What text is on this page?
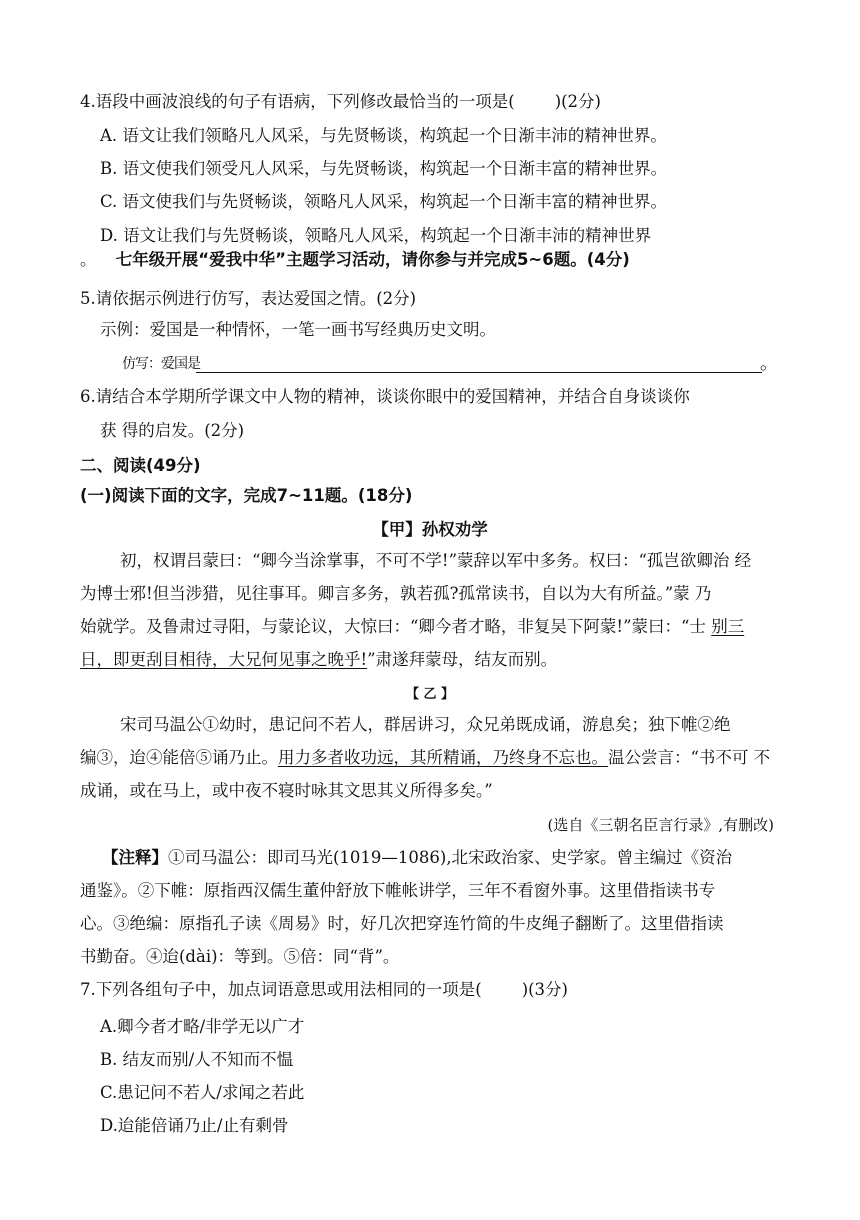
4.语段中画波浪线的句子有语病，下列修改最恰当的一项是( )(2分)
A. 语文让我们领略凡人风采，与先贤畅谈，构筑起一个日渐丰沛的精神世界。
B. 语文使我们领受凡人风采，与先贤畅谈，构筑起一个日渐丰富的精神世界。
C. 语文使我们与先贤畅谈，领略凡人风采，构筑起一个日渐丰富的精神世界。
D. 语文让我们与先贤畅谈，领略凡人风采，构筑起一个日渐丰沛的精神世界
。 七年级开展“爱我中华”主题学习活动，请你参与并完成5~6题。(4分)
5.请依据示例进行仿写，表达爱国之情。(2分)
示例：爱国是一种情怀，一笔一画书写经典历史文明。
仿写：爱国是	。
6.请结合本学期所学课文中人物的精神，谈谈你眼中的爱国精神，并结合自身谈谈你
获 得的启发。(2分)
二、阅读(49分)
(一)阅读下面的文字，完成7~11题。(18分)
【甲】孙权劝学
初，权谓吕蒙曰：“卿今当涂掌事，不可不学!”蒙辞以军中多务。权曰：“孤岂欲卿治 经
为博士邪!但当涉猎，见往事耳。卿言多务，孰若孤?孤常读书，自以为大有所益。”蒙 乃
始就学。及鲁肃过寻阳，与蒙论议，大惊曰：“卿今者才略，非复吴下阿蒙!”蒙曰：“士 别三
日，即更刮目相待，大兄何见事之晚乎!”肃遂拜蒙母，结友而别。
【 乙 】
宋司马温公①幼时，患记问不若人，群居讲习，众兄弟既成诵，游息矣；独下帷②绝
编③，迨④能倍⑤诵乃止。用力多者收功远，其所精诵，乃终身不忘也。温公尝言：“书不可 不
成诵，或在马上，或中夜不寝时咏其文思其义所得多矣。”
(选自《三朝名臣言行录》,有删改)
【注释】①司马温公：即司马光(1019—1086),北宋政治家、史学家。曾主编过《资治
通鉴》。②下帷：原指西汉儒生董仲舒放下帷帐讲学，三年不看窗外事。这里借指读书专
心。③绝编：原指孔子读《周易》时，好几次把穿连竹简的牛皮绳子翻断了。这里借指读
书勤奋。④迨(dài)：等到。⑤倍：同“背”。
7.下列各组句子中，加点词语意思或用法相同的一项是( )(3分)
A.卿今者才略/非学无以广才
B. 结友而别/人不知而不愠
C.患记问不若人/求闻之若此
D.迨能倍诵乃止/止有剩骨
